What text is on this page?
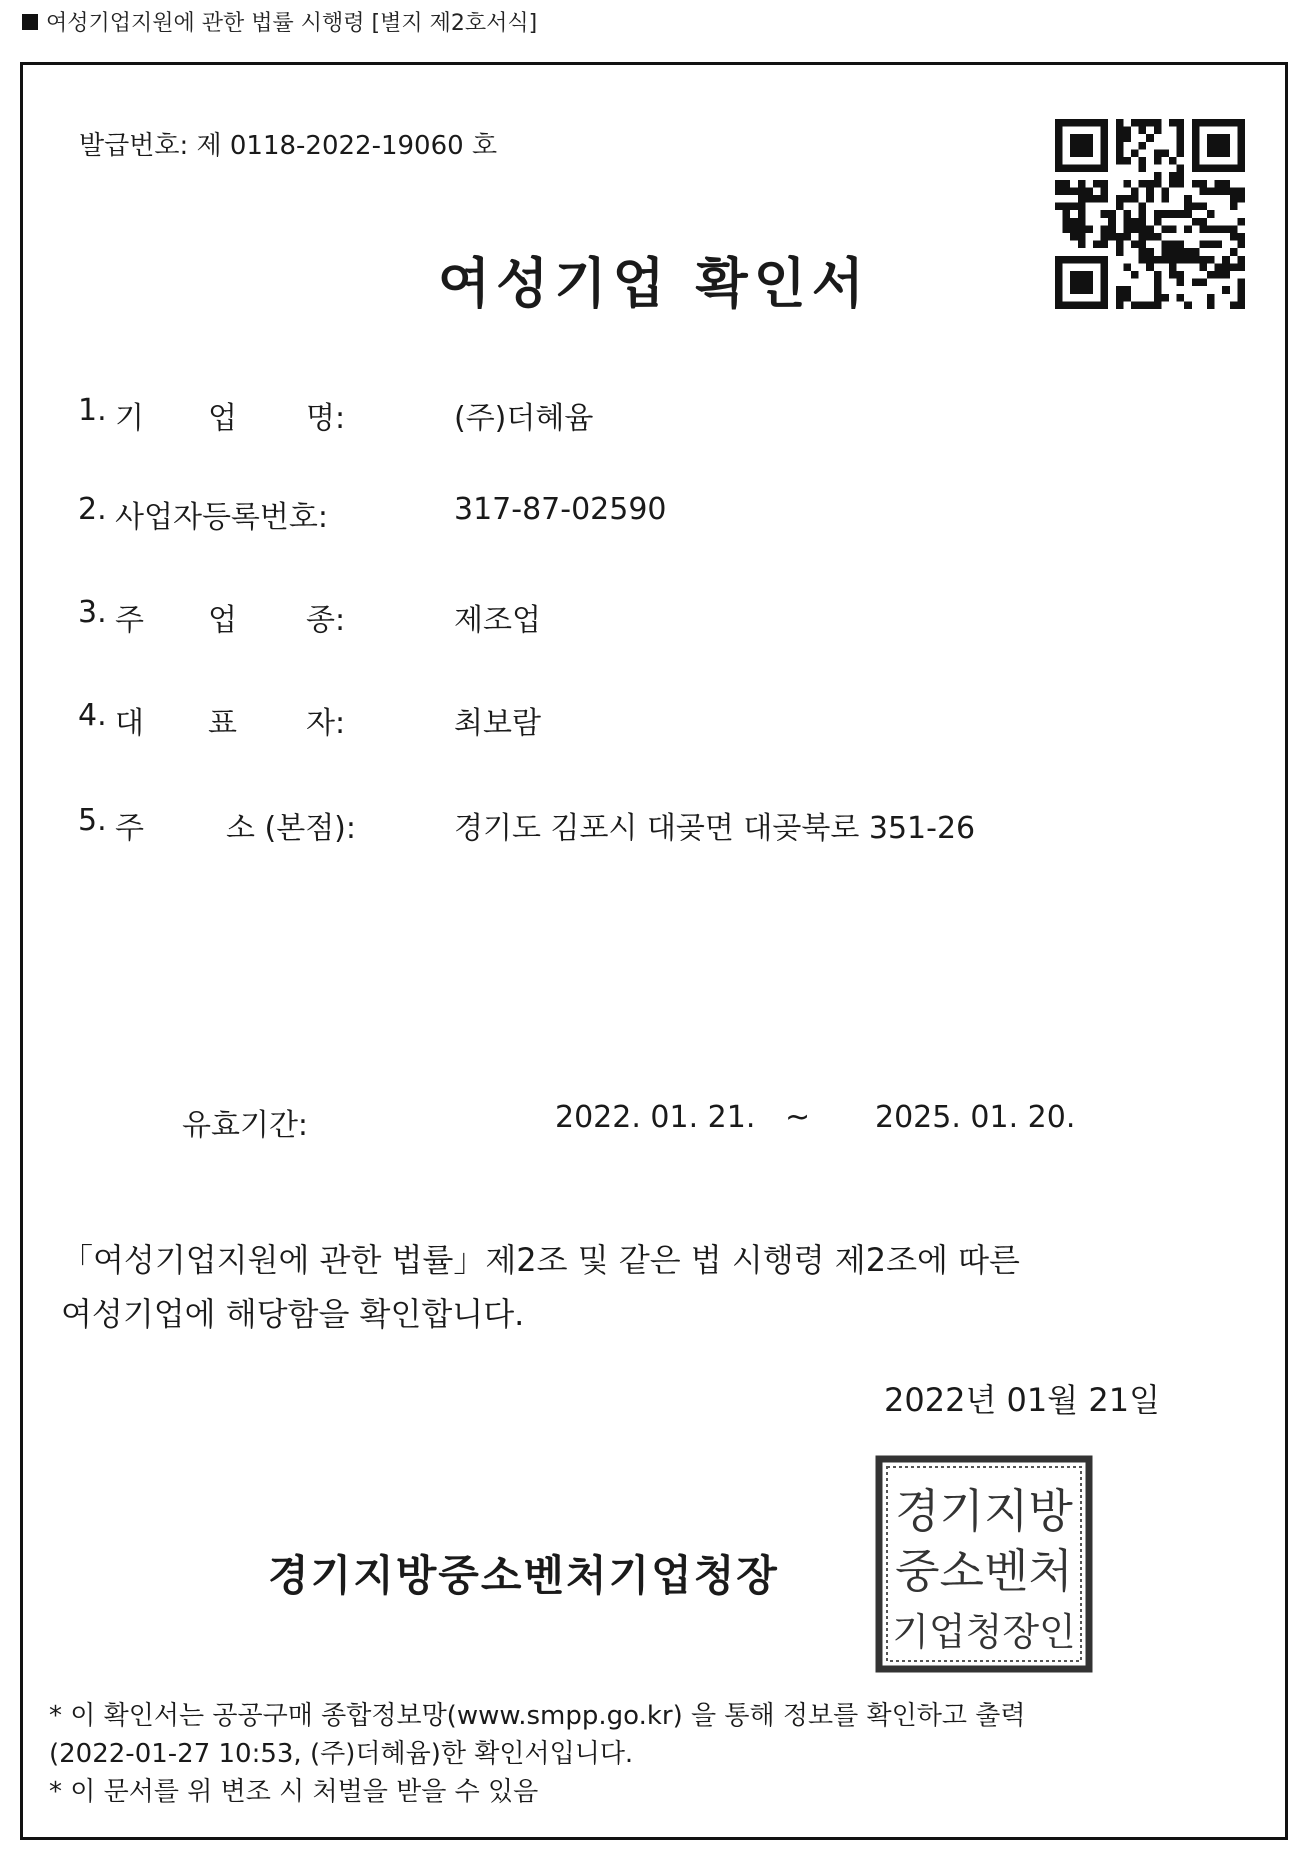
여성기업지원에 관한 법률 시행령 [별지 제2호서식]
발급번호: 제 0118-2022-19060 호
여성기업 확인서
1. 기 업 명:	(주)더혜윰
2. 사업자등록번호:	317-87-02590
3. 주 업 종:	제조업
4. 대 표 자:	최보람
5. 주	소 (본점):	경기도 김포시 대곶면 대곶북로 351-26
유효기간:	2022. 01. 21. ~ 2025. 01. 20.
「여성기업지원에 관한 법률」제2조 및 같은 법 시행령 제2조에 따른
여성기업에 해당함을 확인합니다.
2022년 01월 21일
경기지방중소벤처기업청장
경기지방
중소벤처
기업청장인
* 이 확인서는 공공구매 종합정보망(www.smpp.go.kr) 을 통해 정보를 확인하고 출력
(2022-01-27 10:53, (주)더혜윰)한 확인서입니다.
* 이 문서를 위 변조 시 처벌을 받을 수 있음
